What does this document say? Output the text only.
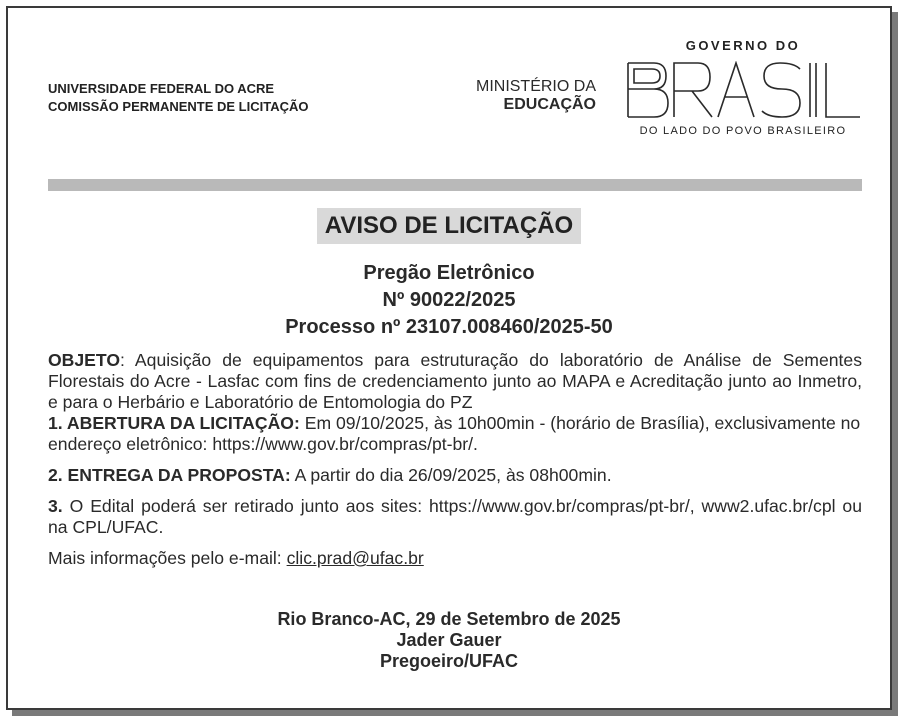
UNIVERSIDADE FEDERAL DO ACRE
COMISSÃO PERMANENTE DE LICITAÇÃO
MINISTÉRIO DA
EDUCAÇÃO
GOVERNO DO
DO LADO DO POVO BRASILEIRO
AVISO DE LICITAÇÃO
Pregão Eletrônico
Nº 90022/2025
Processo nº 23107.008460/2025-50

OBJETO: Aquisição de equipamentos para estruturação do laboratório de Análise de Sementes Florestais do Acre - Lasfac com fins de credenciamento junto ao MAPA e Acreditação junto ao Inmetro, e para o Herbário e Laboratório de Entomologia do PZ

1. ABERTURA DA LICITAÇÃO: Em 09/10/2025, às 10h00min - (horário de Brasília), exclusivamente no endereço eletrônico: https://www.gov.br/compras/pt-br/.

2. ENTREGA DA PROPOSTA: A partir do dia 26/09/2025, às 08h00min.

3. O Edital poderá ser retirado junto aos sites: https://www.gov.br/compras/pt-br/, www2.ufac.br/cpl ou na CPL/UFAC.

Mais informações pelo e-mail: clic.prad@ufac.br

Rio Branco-AC, 29 de Setembro de 2025
Jader Gauer
Pregoeiro/UFAC
